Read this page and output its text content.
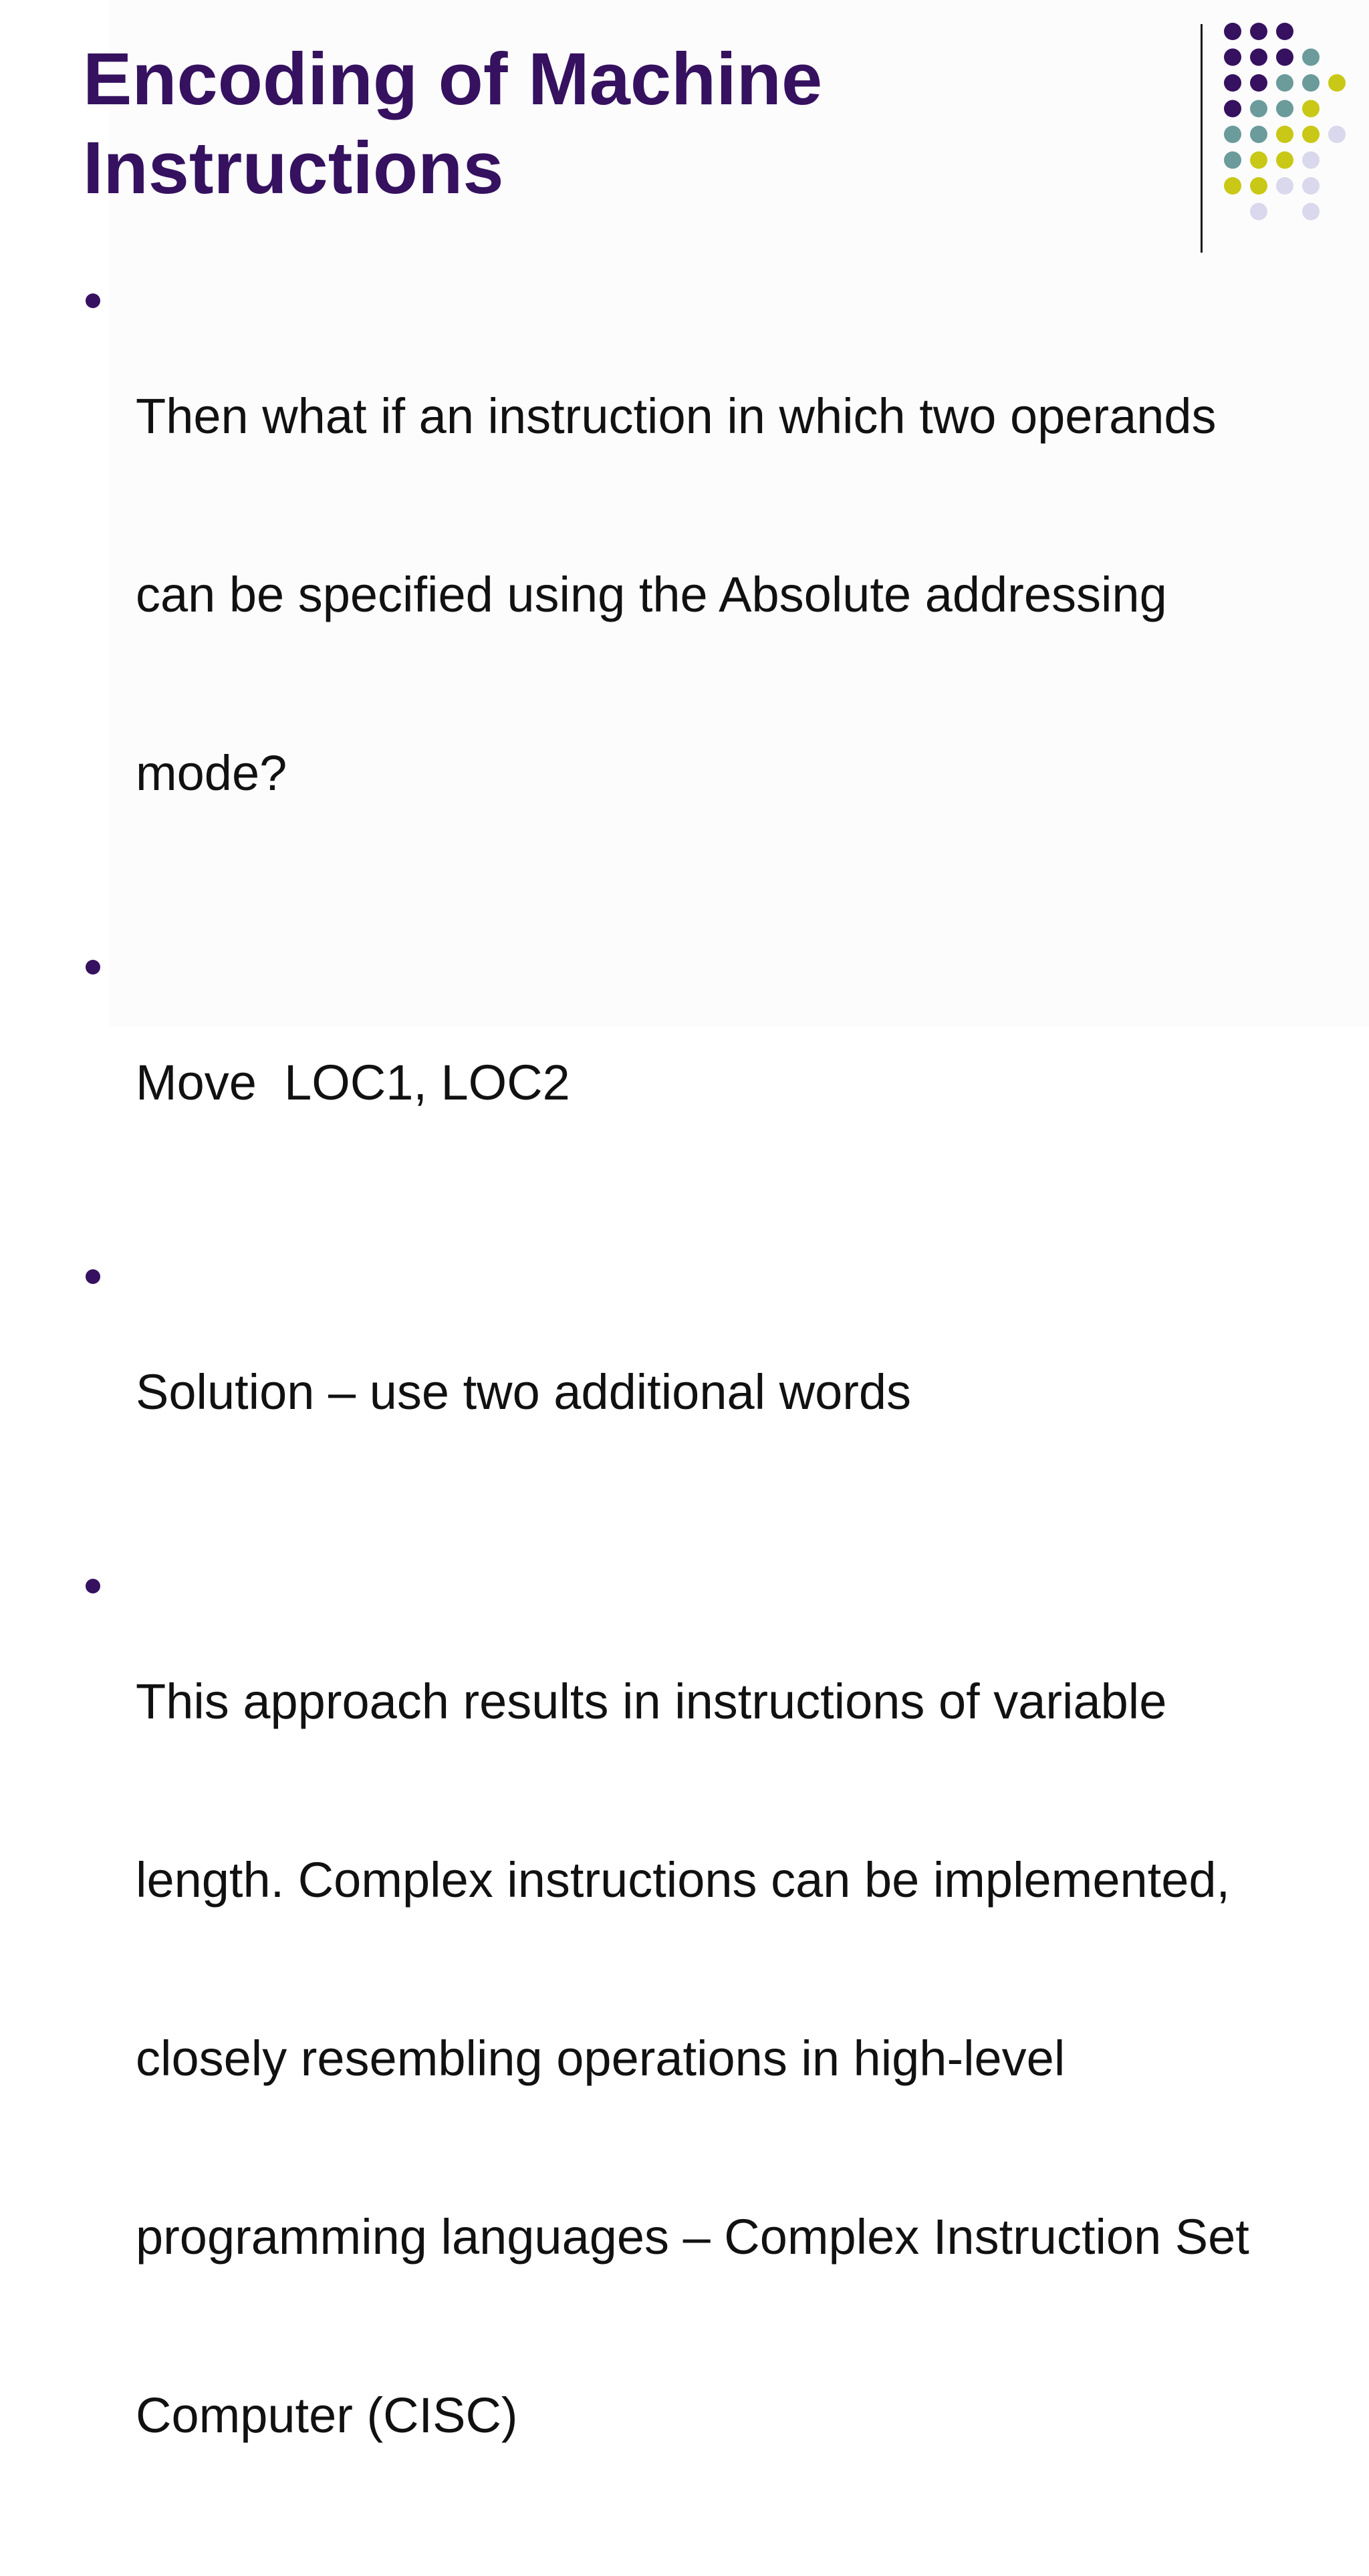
Encoding of Machine
Instructions

Then what if an instruction in which two operands

can be specified using the Absolute addressing

mode?

Move  LOC1, LOC2

Solution – use two additional words

This approach results in instructions of variable

length. Complex instructions can be implemented,

closely resembling operations in high-level

programming languages – Complex Instruction Set

Computer (CISC)
